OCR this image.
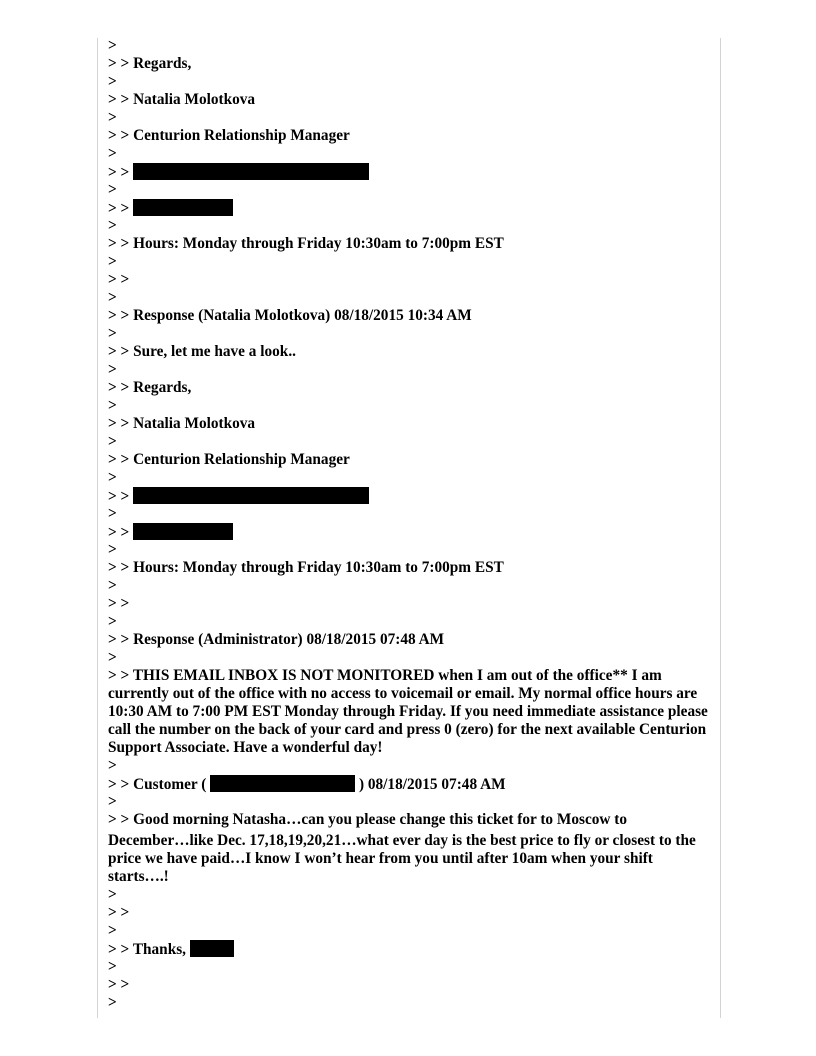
>
> > Regards,
>
> > Natalia Molotkova
>
> > Centurion Relationship Manager
>
> >
>
> >
>
> > Hours: Monday through Friday 10:30am to 7:00pm EST
>
> >
>
> > Response (Natalia Molotkova) 08/18/2015 10:34 AM
>
> > Sure, let me have a look..
>
> > Regards,
>
> > Natalia Molotkova
>
> > Centurion Relationship Manager
>
> >
>
> >
>
> > Hours: Monday through Friday 10:30am to 7:00pm EST
>
> >
>
> > Response (Administrator) 08/18/2015 07:48 AM
>
> > THIS EMAIL INBOX IS NOT MONITORED when I am out of the office** I am currently out of the office with no access to voicemail or email. My normal office hours are 10:30 AM to 7:00 PM EST Monday through Friday. If you need immediate assistance please call the number on the back of your card and press 0 (zero) for the next available Centurion Support Associate. Have a wonderful day!
>
> > Customer (	) 08/18/2015 07:48 AM
>
> > Good morning Natasha…can you please change this ticket for to Moscow to December…like Dec. 17,18,19,20,21…what ever day is the best price to fly or closest to the price we have paid…I know I won’t hear from you until after 10am when your shift starts….!
>
> >
>
> > Thanks,
>
> >
>
